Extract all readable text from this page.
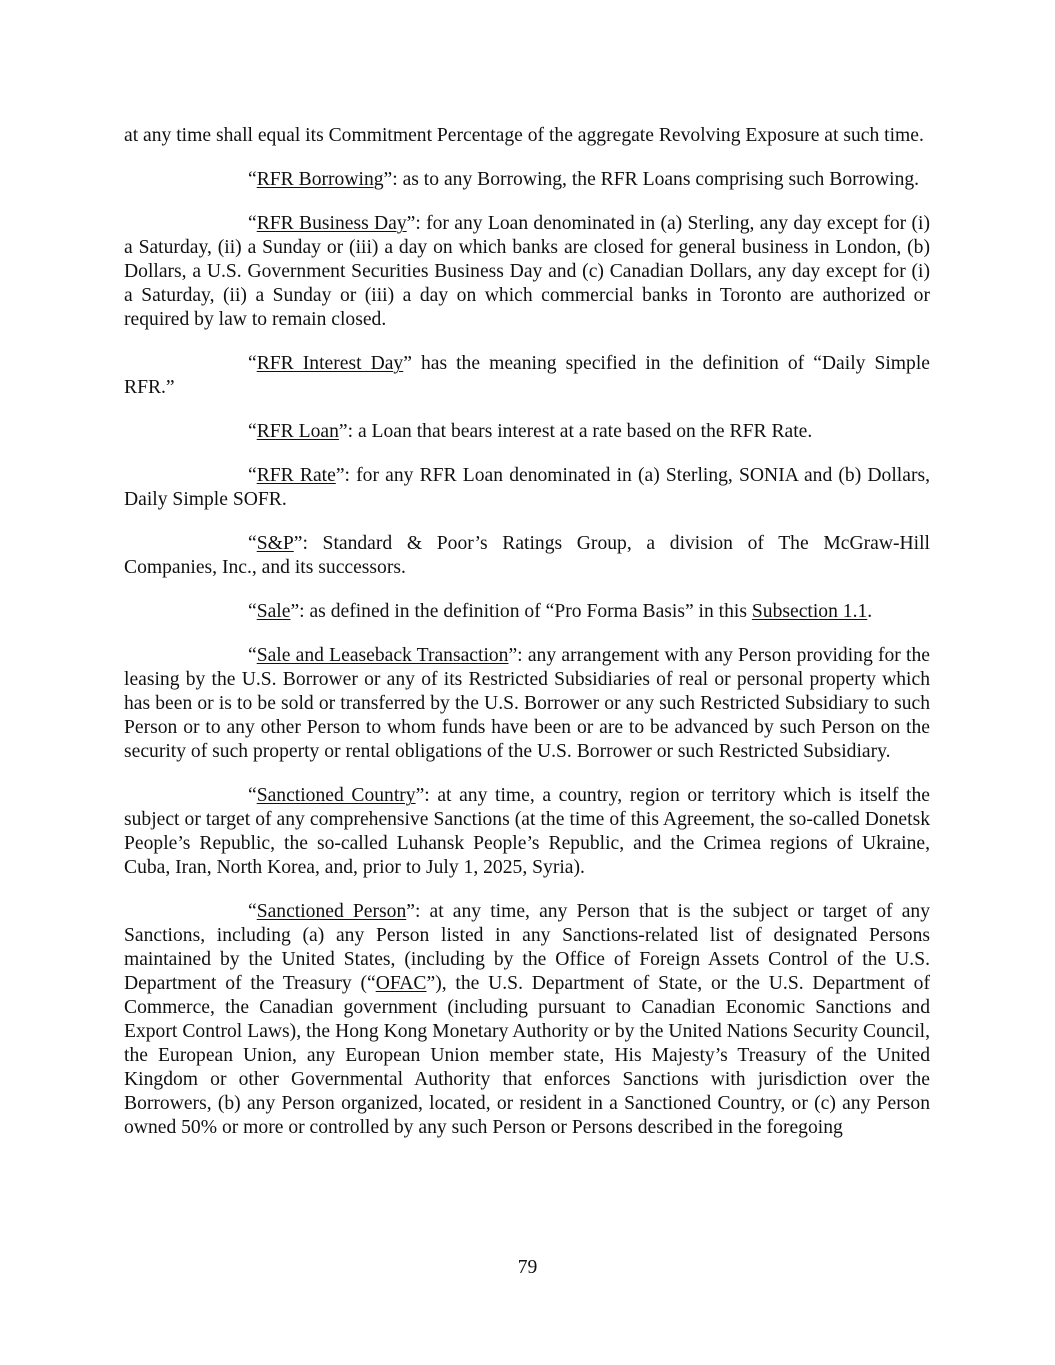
at any time shall equal its Commitment Percentage of the aggregate Revolving Exposure at such time.

“RFR Borrowing”: as to any Borrowing, the RFR Loans comprising such Borrowing.

“RFR Business Day”: for any Loan denominated in (a) Sterling, any day except for (i) a Saturday, (ii) a Sunday or (iii) a day on which banks are closed for general business in London, (b) Dollars, a U.S. Government Securities Business Day and (c) Canadian Dollars, any day except for (i) a Saturday, (ii) a Sunday or (iii) a day on which commercial banks in Toronto are authorized or required by law to remain closed.

“RFR Interest Day” has the meaning specified in the definition of “Daily Simple RFR.”

“RFR Loan”: a Loan that bears interest at a rate based on the RFR Rate.

“RFR Rate”: for any RFR Loan denominated in (a) Sterling, SONIA and (b) Dollars, Daily Simple SOFR.

“S&P”: Standard & Poor’s Ratings Group, a division of The McGraw-Hill Companies, Inc., and its successors.

“Sale”: as defined in the definition of “Pro Forma Basis” in this Subsection 1.1.

“Sale and Leaseback Transaction”: any arrangement with any Person providing for the leasing by the U.S. Borrower or any of its Restricted Subsidiaries of real or personal property which has been or is to be sold or transferred by the U.S. Borrower or any such Restricted Subsidiary to such Person or to any other Person to whom funds have been or are to be advanced by such Person on the security of such property or rental obligations of the U.S. Borrower or such Restricted Subsidiary.

“Sanctioned Country”: at any time, a country, region or territory which is itself the subject or target of any comprehensive Sanctions (at the time of this Agreement, the so-called Donetsk People’s Republic, the so-called Luhansk People’s Republic, and the Crimea regions of Ukraine, Cuba, Iran, North Korea, and, prior to July 1, 2025, Syria).

“Sanctioned Person”: at any time, any Person that is the subject or target of any Sanctions, including (a) any Person listed in any Sanctions-related list of designated Persons maintained by the United States, (including by the Office of Foreign Assets Control of the U.S. Department of the Treasury (“OFAC”), the U.S. Department of State, or the U.S. Department of Commerce, the Canadian government (including pursuant to Canadian Economic Sanctions and Export Control Laws), the Hong Kong Monetary Authority or by the United Nations Security Council, the European Union, any European Union member state, His Majesty’s Treasury of the United Kingdom or other Governmental Authority that enforces Sanctions with jurisdiction over the Borrowers, (b) any Person organized, located, or resident in a Sanctioned Country, or (c) any Person owned 50% or more or controlled by any such Person or Persons described in the foregoing

79
